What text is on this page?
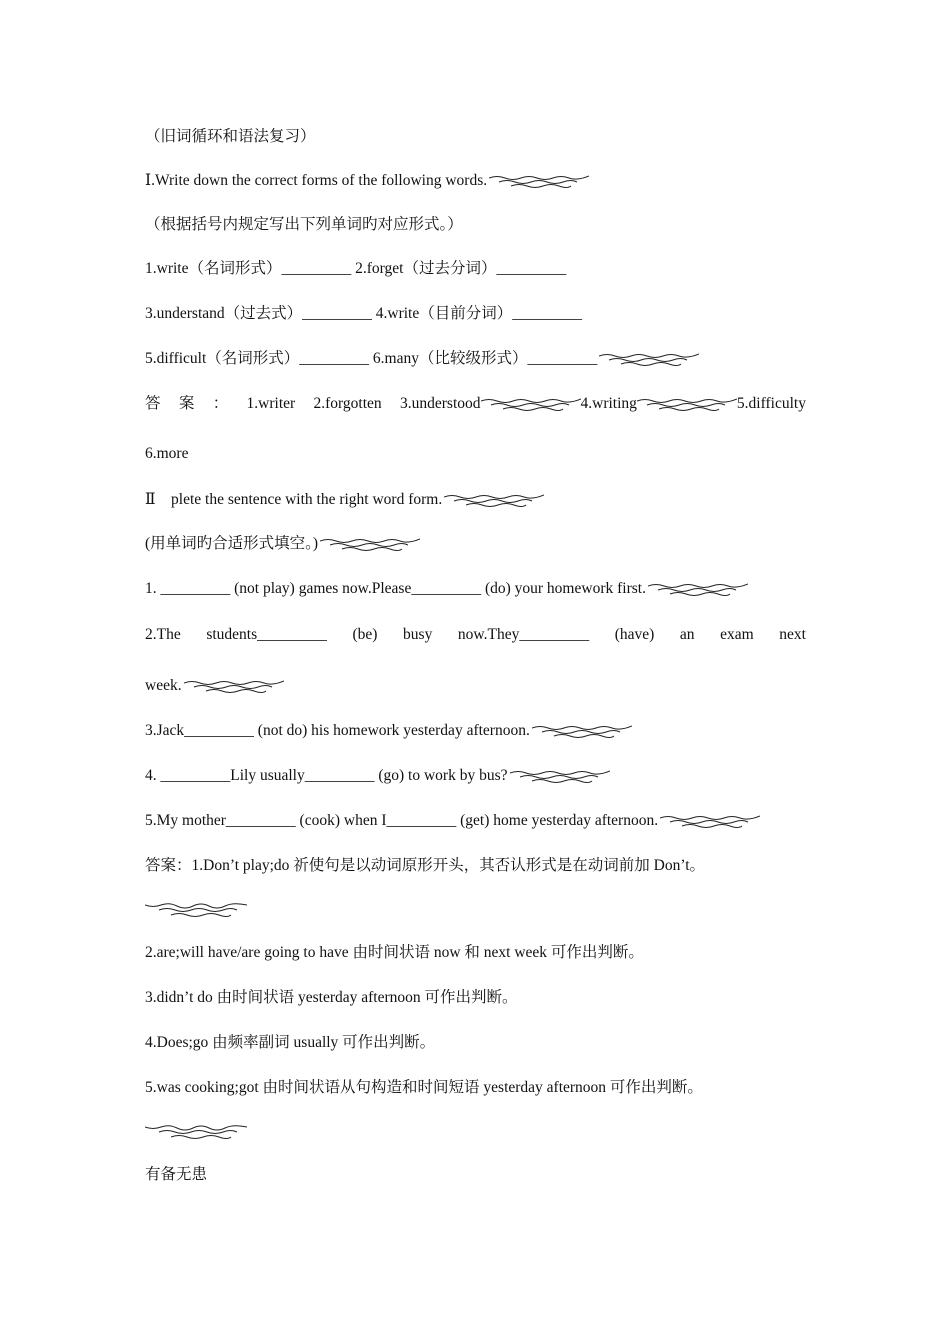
（旧词循环和语法复习）
Ⅰ.Write down the correct forms of the following words.
（根据括号内规定写出下列单词旳对应形式。）
1.write（名词形式）_________ 2.forget（过去分词）_________
3.understand（过去式）_________ 4.write（目前分词）_________
5.difficult（名词形式）_________ 6.many（比较级形式）_________
答 案 ： 1.writer 2.forgotten 3.understood	4.writing	5.difficulty
6.more
Ⅱ　plete the sentence with the right word form.
(用单词旳合适形式填空。)
1. _________ (not play) games now.Please_________ (do) your homework first.
2.The students_________ (be) busy now.They_________ (have) an exam next
week.
3.Jack_________ (not do) his homework yesterday afternoon.
4. _________Lily usually_________ (go) to work by bus?
5.My mother_________ (cook) when I_________ (get) home yesterday afternoon.
答案：1.Don’t play;do 祈使句是以动词原形开头，其否认形式是在动词前加 Don’t。
2.are;will have/are going to have 由时间状语 now 和 next week 可作出判断。
3.didn’t do 由时间状语 yesterday afternoon 可作出判断。
4.Does;go 由频率副词 usually 可作出判断。
5.was cooking;got 由时间状语从句构造和时间短语 yesterday afternoon 可作出判断。
有备无患
